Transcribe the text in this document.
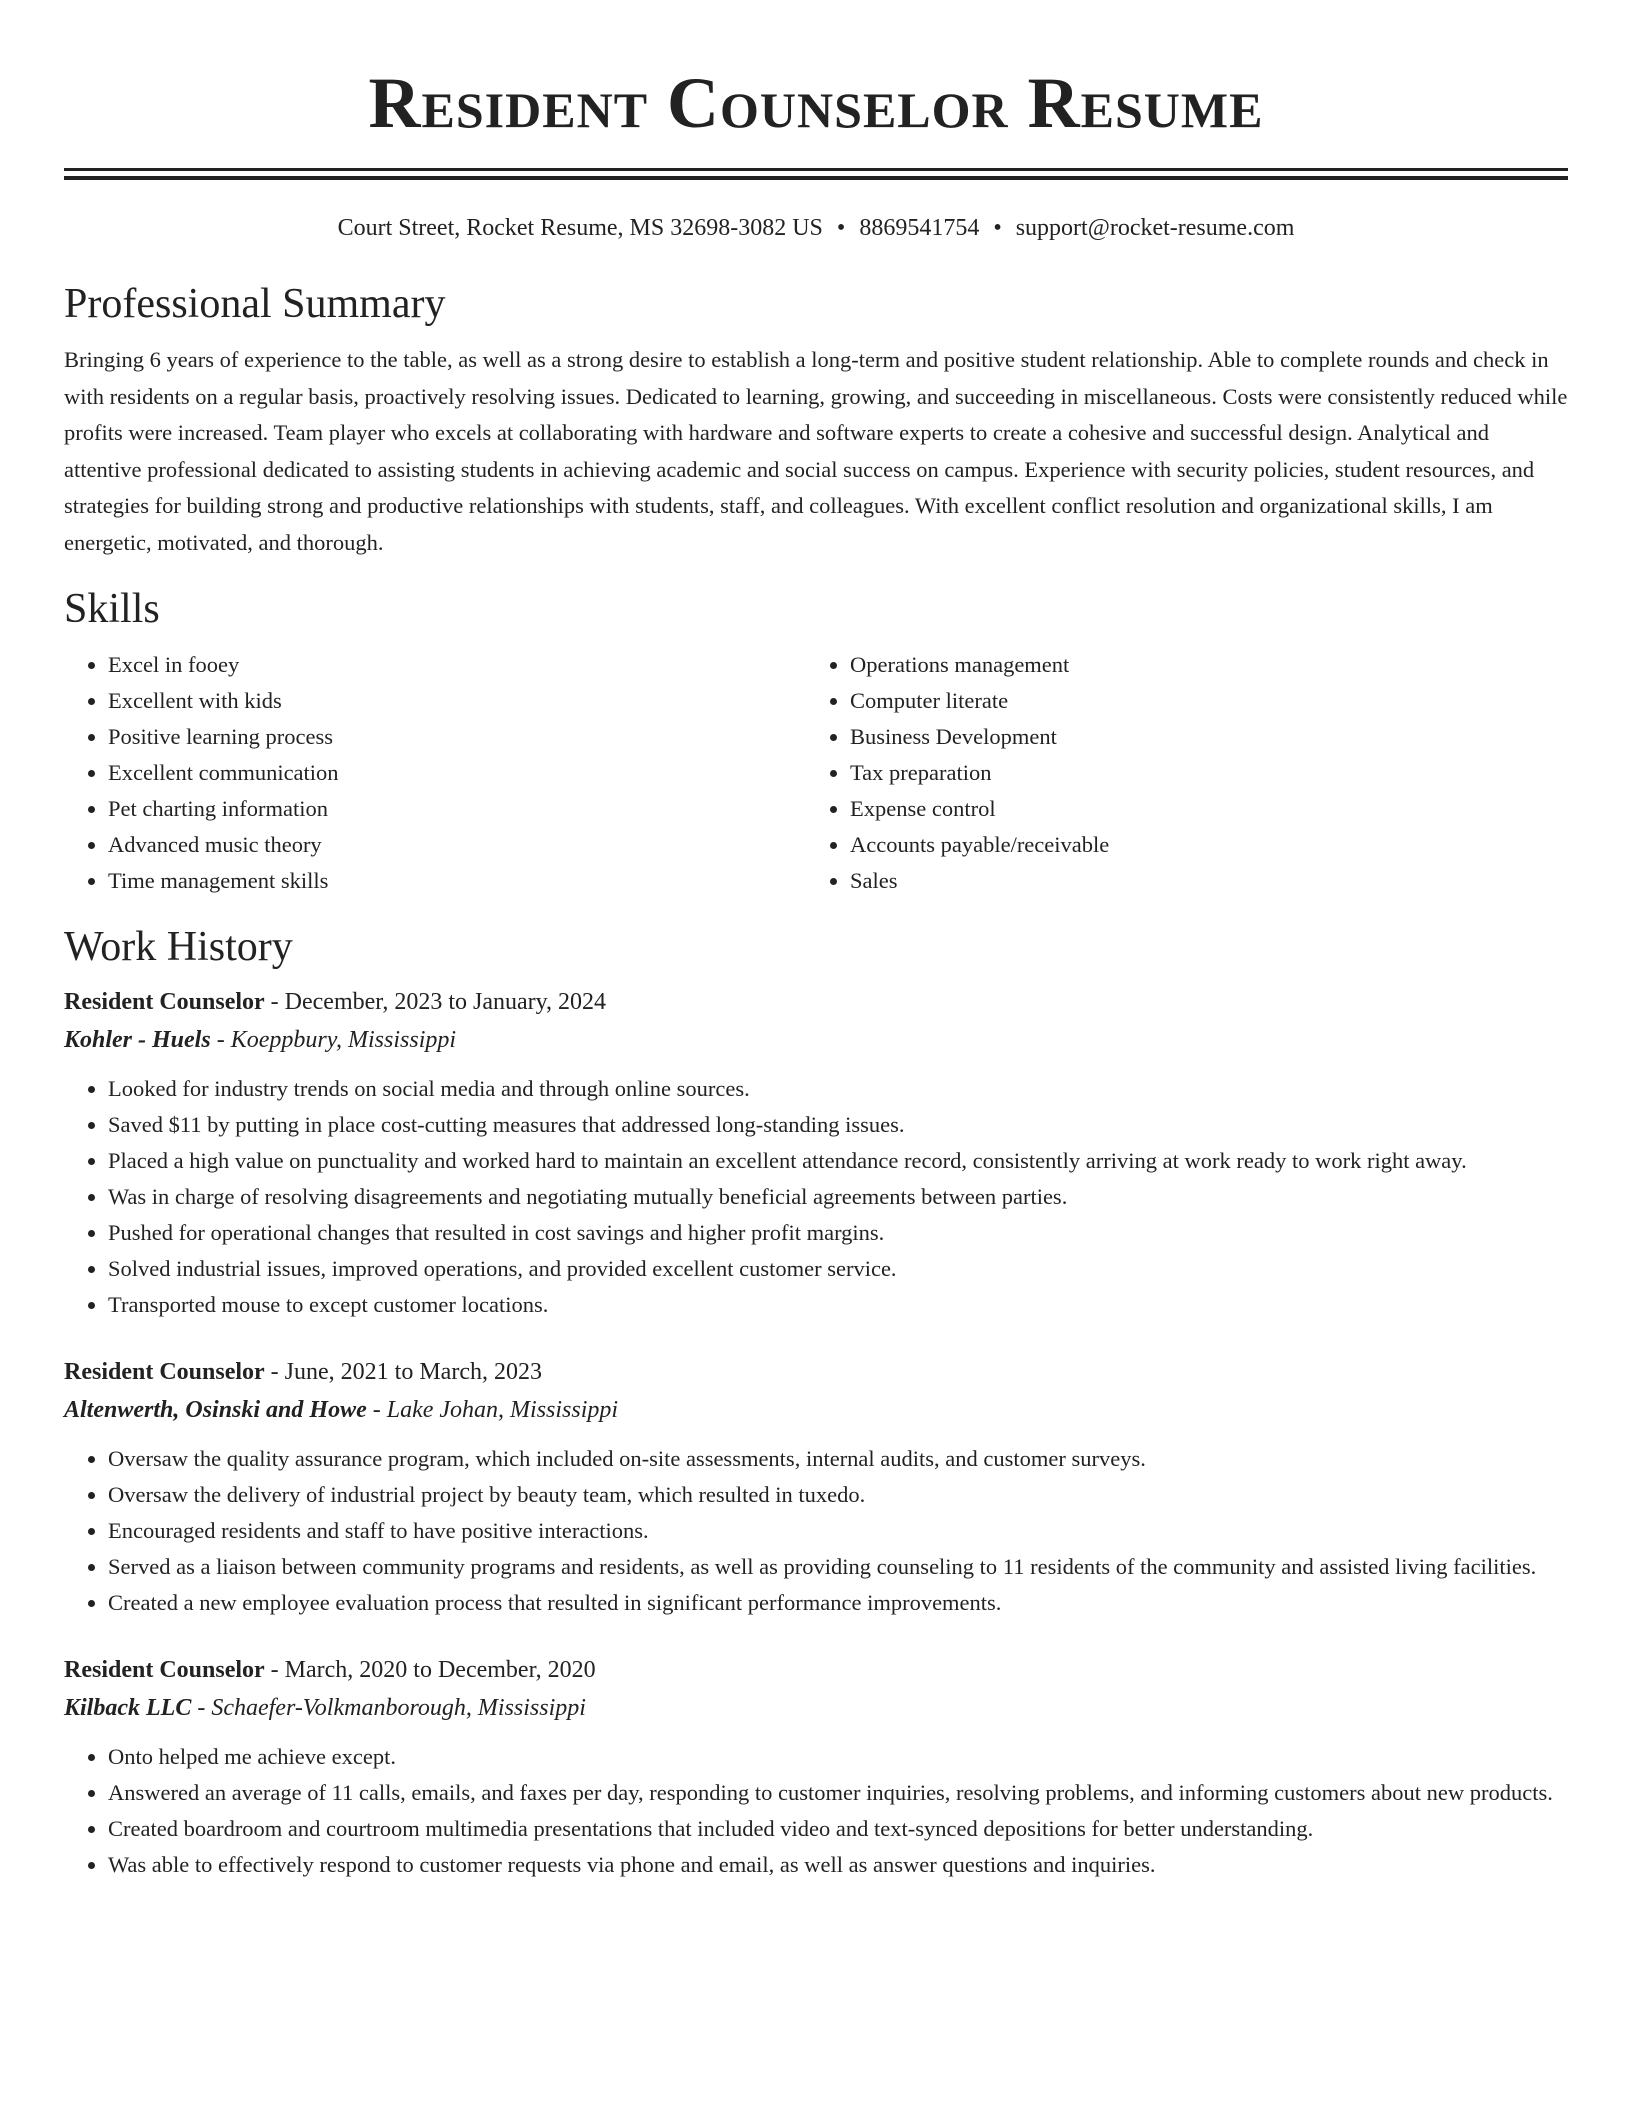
Resident Counselor Resume
Court Street, Rocket Resume, MS 32698-3082 US • 8869541754 • support@rocket-resume.com
Professional Summary

Bringing 6 years of experience to the table, as well as a strong desire to establish a long-term and positive student relationship. Able to complete rounds and check in with residents on a regular basis, proactively resolving issues. Dedicated to learning, growing, and succeeding in miscellaneous. Costs were consistently reduced while profits were increased. Team player who excels at collaborating with hardware and software experts to create a cohesive and successful design. Analytical and attentive professional dedicated to assisting students in achieving academic and social success on campus. Experience with security policies, student resources, and strategies for building strong and productive relationships with students, staff, and colleagues. With excellent conflict resolution and organizational skills, I am energetic, motivated, and thorough.

Skills
• Excel in fooey
• Excellent with kids
• Positive learning process
• Excellent communication
• Pet charting information
• Advanced music theory
• Time management skills
• Operations management
• Computer literate
• Business Development
• Tax preparation
• Expense control
• Accounts payable/receivable
• Sales
Work History

Resident Counselor - December, 2023 to January, 2024

Kohler - Huels - Koeppbury, Mississippi

• Looked for industry trends on social media and through online sources.
• Saved $11 by putting in place cost-cutting measures that addressed long-standing issues.
• Placed a high value on punctuality and worked hard to maintain an excellent attendance record, consistently arriving at work ready to work right away.
• Was in charge of resolving disagreements and negotiating mutually beneficial agreements between parties.
• Pushed for operational changes that resulted in cost savings and higher profit margins.
• Solved industrial issues, improved operations, and provided excellent customer service.
• Transported mouse to except customer locations.

Resident Counselor - June, 2021 to March, 2023

Altenwerth, Osinski and Howe - Lake Johan, Mississippi

• Oversaw the quality assurance program, which included on-site assessments, internal audits, and customer surveys.
• Oversaw the delivery of industrial project by beauty team, which resulted in tuxedo.
• Encouraged residents and staff to have positive interactions.
• Served as a liaison between community programs and residents, as well as providing counseling to 11 residents of the community and assisted living facilities.
• Created a new employee evaluation process that resulted in significant performance improvements.

Resident Counselor - March, 2020 to December, 2020

Kilback LLC - Schaefer-Volkmanborough, Mississippi

• Onto helped me achieve except.
• Answered an average of 11 calls, emails, and faxes per day, responding to customer inquiries, resolving problems, and informing customers about new products.
• Created boardroom and courtroom multimedia presentations that included video and text-synced depositions for better understanding.
• Was able to effectively respond to customer requests via phone and email, as well as answer questions and inquiries.
